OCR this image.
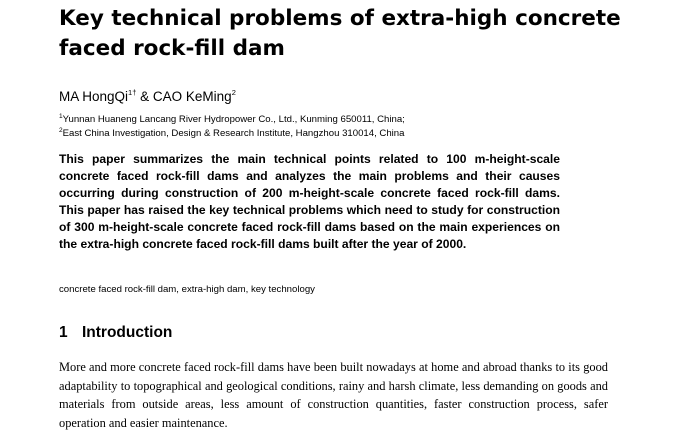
Key technical problems of extra-high concrete faced rock-fill dam
MA HongQi$^{1\dagger}$ & CAO KeMing$^2$
$^1$Yunnan Huaneng Lancang River Hydropower Co., Ltd., Kunming 650011, China;
$^2$East China Investigation, Design & Research Institute, Hangzhou 310014, China

This paper summarizes the main technical points related to 100 m-height-scale concrete faced rock-fill dams and analyzes the main problems and their causes occurring during construction of 200 m-height-scale concrete faced rock-fill dams. This paper has raised the key technical problems which need to study for construction of 300 m-height-scale concrete faced rock-fill dams based on the main experiences on the extra-high concrete faced rock-fill dams built after the year of 2000.

concrete faced rock-fill dam, extra-high dam, key technology
1 Introduction

More and more concrete faced rock-fill dams have been built nowadays at home and abroad thanks to its good adaptability to topographical and geological conditions, rainy and harsh climate, less demanding on goods and materials from outside areas, less amount of construction quantities, faster construction process, safer operation and easier maintenance.
